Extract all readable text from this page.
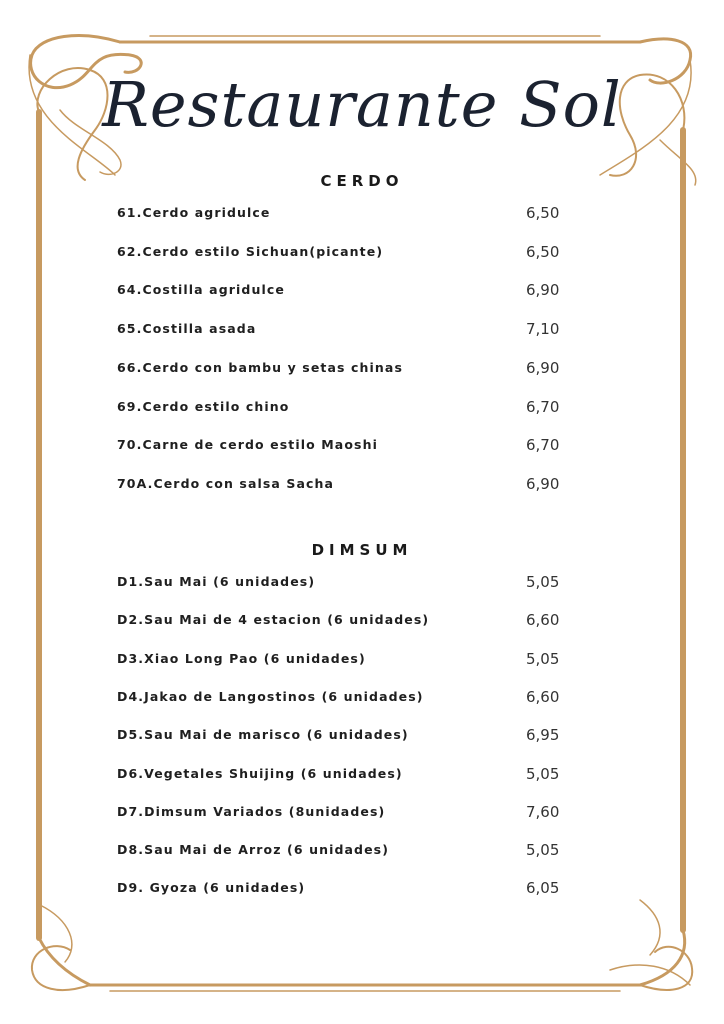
Restaurante Sol
CERDO
61.Cerdo agridulce	6,50
62.Cerdo estilo Sichuan(picante)	6,50
64.Costilla agridulce	6,90
65.Costilla asada	7,10
66.Cerdo con bambu y setas chinas	6,90
69.Cerdo estilo chino	6,70
70.Carne de cerdo estilo Maoshi	6,70
70A.Cerdo con salsa Sacha	6,90
DIMSUM
D1.Sau Mai (6 unidades)	5,05
D2.Sau Mai de 4 estacion (6 unidades)	6,60
D3.Xiao Long Pao (6 unidades)	5,05
D4.Jakao de Langostinos (6 unidades)	6,60
D5.Sau Mai de marisco (6 unidades)	6,95
D6.Vegetales Shuijing (6 unidades)	5,05
D7.Dimsum Variados (8unidades)	7,60
D8.Sau Mai de Arroz (6 unidades)	5,05
D9. Gyoza (6 unidades)	6,05
